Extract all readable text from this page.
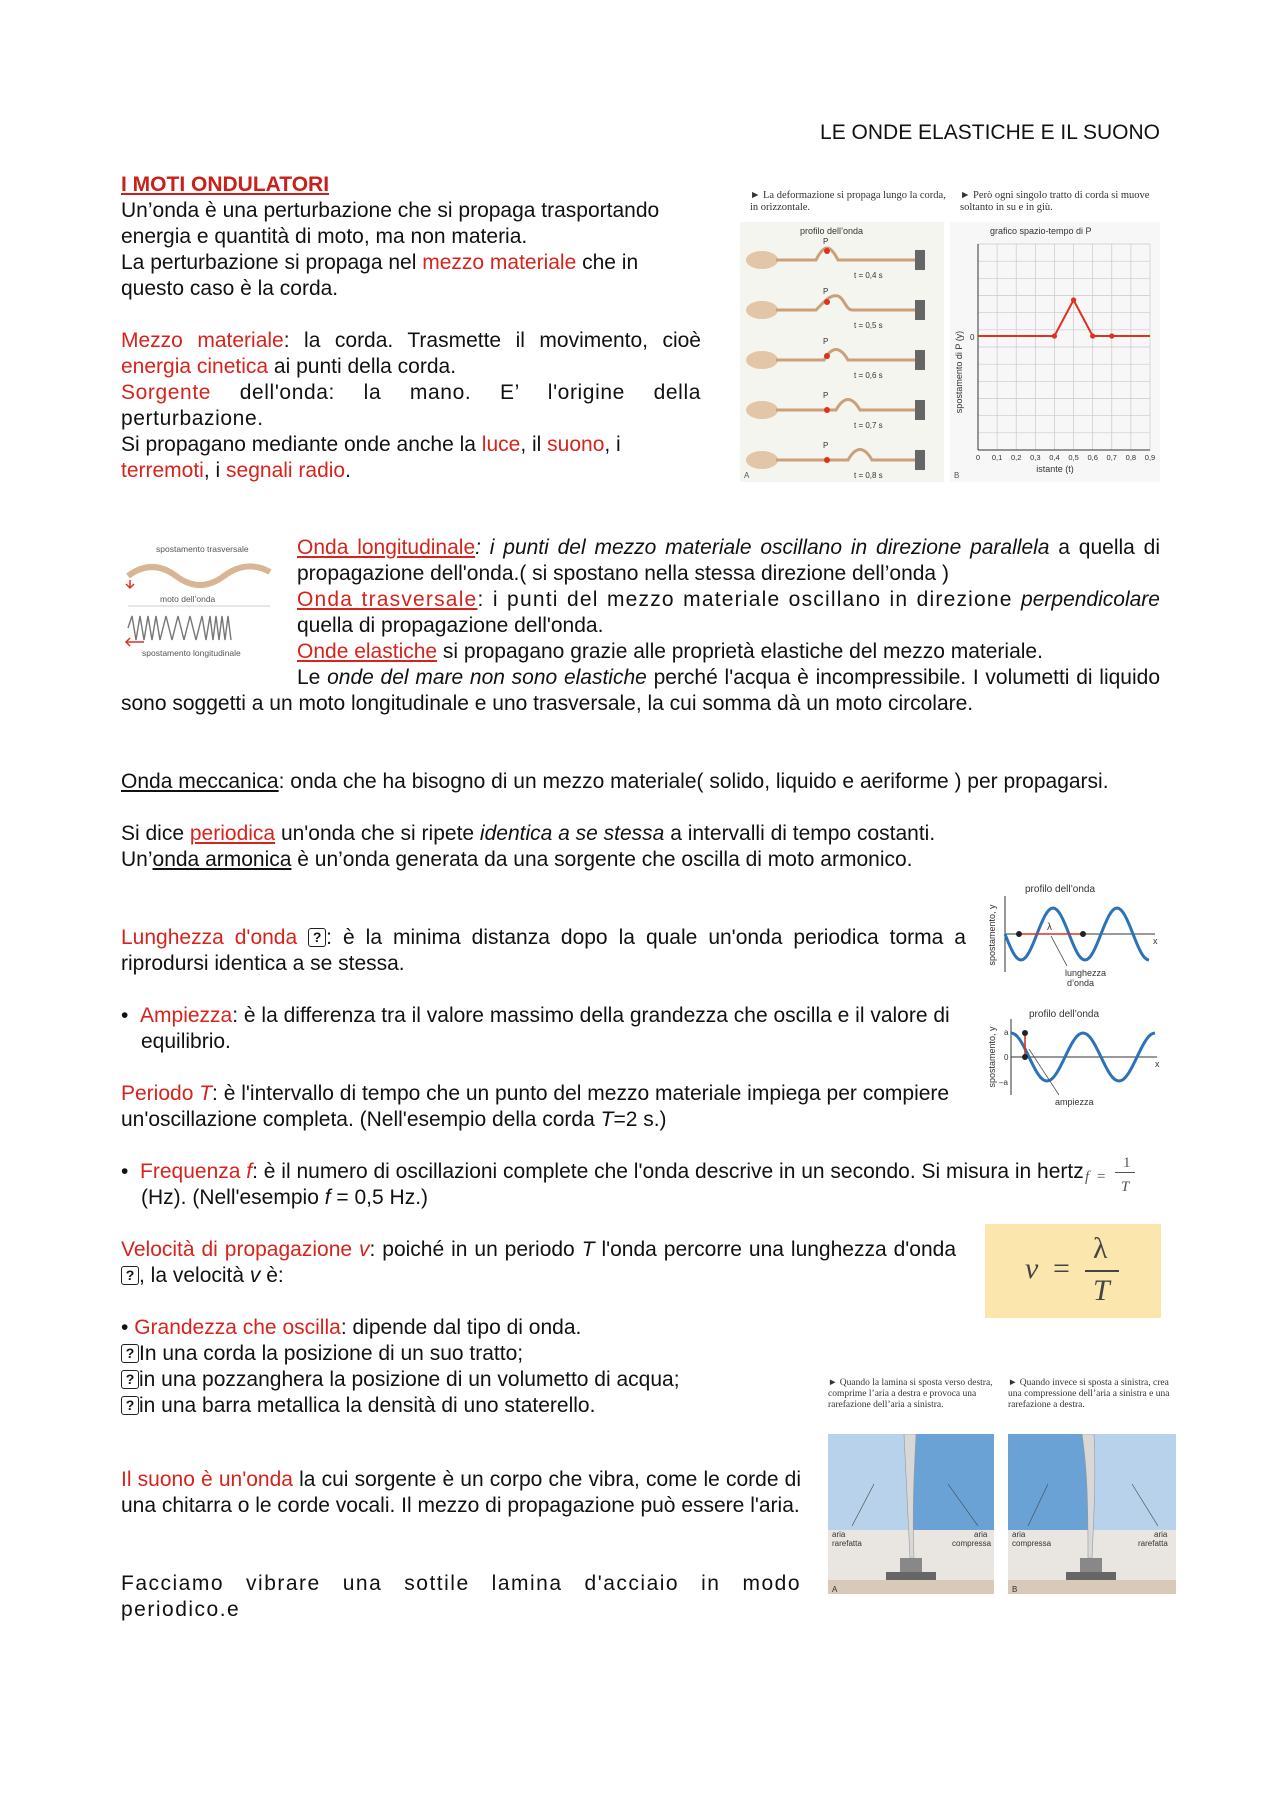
LE ONDE ELASTICHE E IL SUONO
I MOTI ONDULATORI
Un’onda è una perturbazione che si propaga trasportando energia e quantità di moto, ma non materia.
La perturbazione si propaga nel mezzo materiale che in questo caso è la corda.
Mezzo materiale: la corda. Trasmette il movimento, cioè energia cinetica ai punti della corda.
Sorgente dell'onda: la mano. E’ l'origine della perturbazione.
Si propagano mediante onde anche la luce, il suono, i terremoti, i segnali radio.
► La deformazione si propaga lungo la corda, in orizzontale.
► Però ogni singolo tratto di corda si muove soltanto in su e in giù.
profilo dell’onda
P
t = 0,4 s
P
t = 0,5 s
P
t = 0,6 s
P
t = 0,7 s
P
t = 0,8 s
A
grafico spazio-tempo di P
spostamento di P (y) 0
0 0,1 0,2 0,3 0,4 0,5 0,6 0,7 0,8 0,9
istante (t)
B
spostamento trasversale
moto dell’onda
spostamento longitudinale
Onda longitudinale: i punti del mezzo materiale oscillano in direzione parallela a quella di propagazione dell'onda.( si spostano nella stessa direzione dell’onda )
Onda trasversale: i punti del mezzo materiale oscillano in direzione perpendicolare quella di propagazione dell'onda.
Onde elastiche si propagano grazie alle proprietà elastiche del mezzo materiale.
Le onde del mare non sono elastiche perché l'acqua è incompressibile. I volumetti di liquido sono soggetti a un moto longitudinale e uno trasversale, la cui somma dà un moto circolare.
Onda meccanica: onda che ha bisogno di un mezzo materiale( solido, liquido e aeriforme ) per propagarsi.
Si dice periodica un'onda che si ripete identica a se stessa a intervalli di tempo costanti.
Un’onda armonica è un’onda generata da una sorgente che oscilla di moto armonico.
Lunghezza d'onda ? : è la minima distanza dopo la quale un'onda periodica torma a riprodursi identica a se stessa.
• Ampiezza: è la differenza tra il valore massimo della grandezza che oscilla e il valore di equilibrio.
Periodo T: è l'intervallo di tempo che un punto del mezzo materiale impiega per compiere un'oscillazione completa. (Nell'esempio della corda T=2 s.)
• Frequenza f: è il numero di oscillazioni complete che l'onda descrive in un secondo. Si misura in hertz (Hz). (Nell'esempio f = 0,5 Hz.)
Velocità di propagazione v: poiché in un periodo T l'onda percorre una lunghezza d'onda ? , la velocità v è:
• Grandezza che oscilla: dipende dal tipo di onda.
? In una corda la posizione di un suo tratto;
? in una pozzanghera la posizione di un volumetto di acqua;
? in una barra metallica la densità di uno staterello.
profilo dell’onda
spostamento, y	x
λ
lunghezza
d’onda
profilo dell’onda
spostamento, y a
0
–a
x
ampiezza
f =
1
T
v =
λ
T
Il suono è un'onda la cui sorgente è un corpo che vibra, come le corde di una chitarra o le corde vocali. Il mezzo di propagazione può essere l'aria.
Facciamo vibrare una sottile lamina d'acciaio in modo periodico.e
► Quando la lamina si sposta verso destra, comprime l’aria a destra e provoca una rarefazione dell’aria a sinistra.
► Quando invece si sposta a sinistra, crea una compressione dell’aria a sinistra e una rarefazione a destra.
aria
rarefatta
aria
compressa
A
aria
compressa
aria
rarefatta
B
